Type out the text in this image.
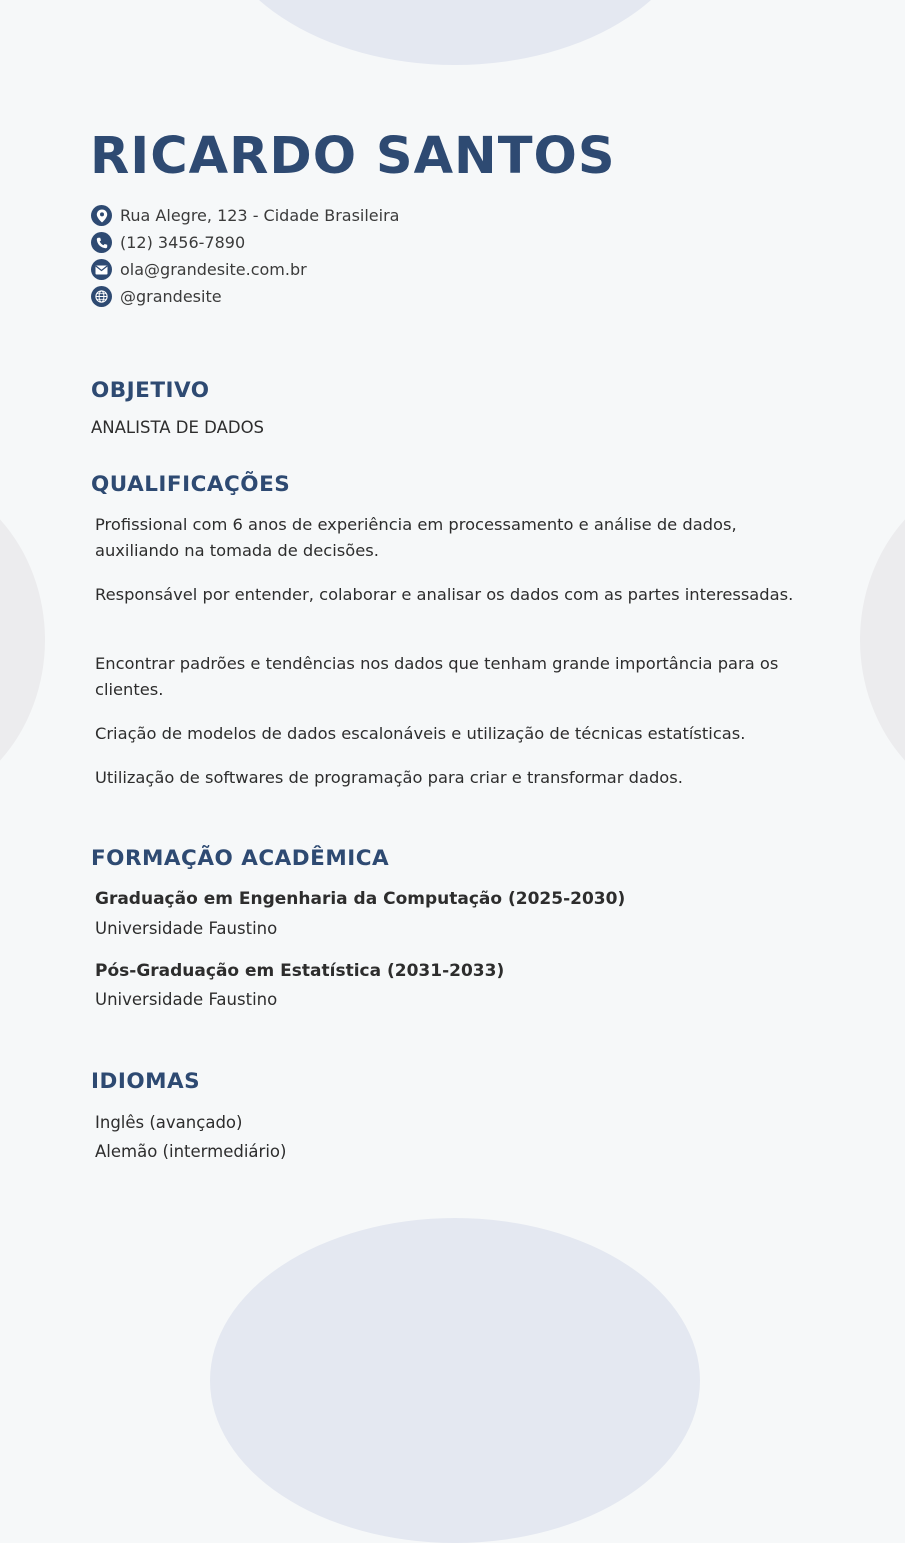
RICARDO SANTOS
Rua Alegre, 123 - Cidade Brasileira
(12) 3456-7890
ola@grandesite.com.br
@grandesite
OBJETIVO

ANALISTA DE DADOS

QUALIFICAÇÕES

Profissional com 6 anos de experiência em processamento e análise de dados, auxiliando na tomada de decisões.

Responsável por entender, colaborar e analisar os dados com as partes interessadas.

Encontrar padrões e tendências nos dados que tenham grande importância para os clientes.

Criação de modelos de dados escalonáveis e utilização de técnicas estatísticas.

Utilização de softwares de programação para criar e transformar dados.

FORMAÇÃO ACADÊMICA

Graduação em Engenharia da Computação (2025-2030)

Universidade Faustino

Pós-Graduação em Estatística (2031-2033)

Universidade Faustino

IDIOMAS

Inglês (avançado)

Alemão (intermediário)
